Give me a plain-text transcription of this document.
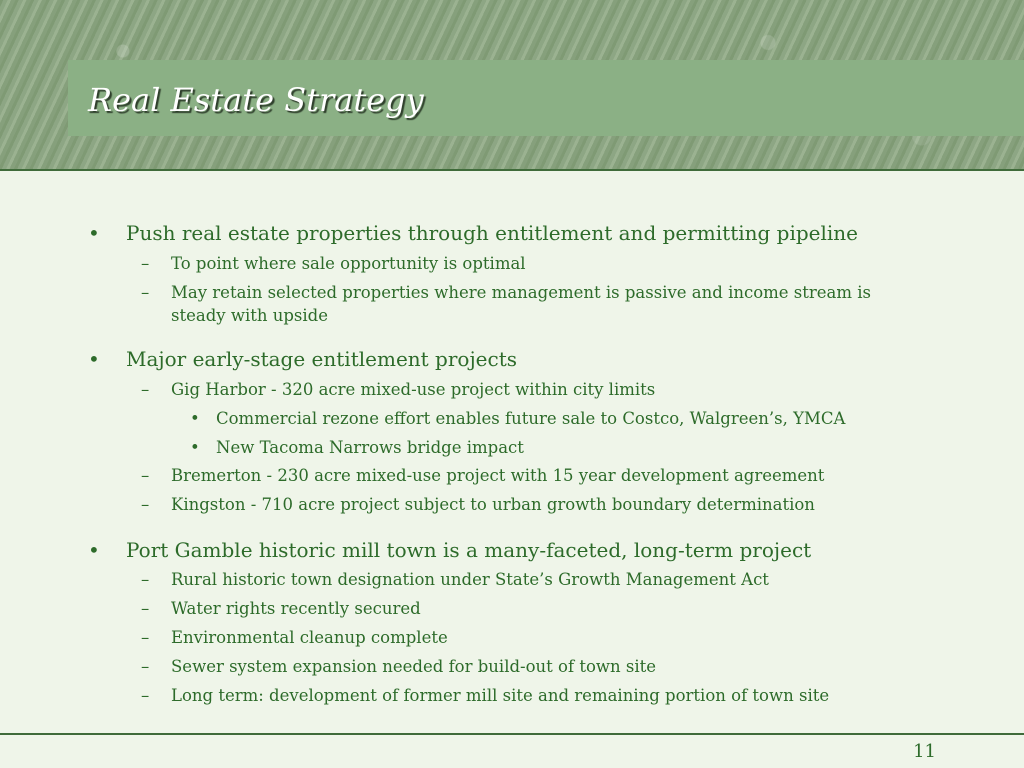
Real Estate Strategy

• Push real estate properties through entitlement and permitting pipeline

– To point where sale opportunity is optimal

– May retain selected properties where management is passive and income stream is steady with upside

• Major early-stage entitlement projects

– Gig Harbor - 320 acre mixed-use project within city limits

• Commercial rezone effort enables future sale to Costco, Walgreen’s, YMCA

• New Tacoma Narrows bridge impact

– Bremerton - 230 acre mixed-use project with 15 year development agreement

– Kingston - 710 acre project subject to urban growth boundary determination

• Port Gamble historic mill town is a many-faceted, long-term project

– Rural historic town designation under State’s Growth Management Act

– Water rights recently secured

– Environmental cleanup complete

– Sewer system expansion needed for build-out of town site

– Long term: development of former mill site and remaining portion of town site

11
